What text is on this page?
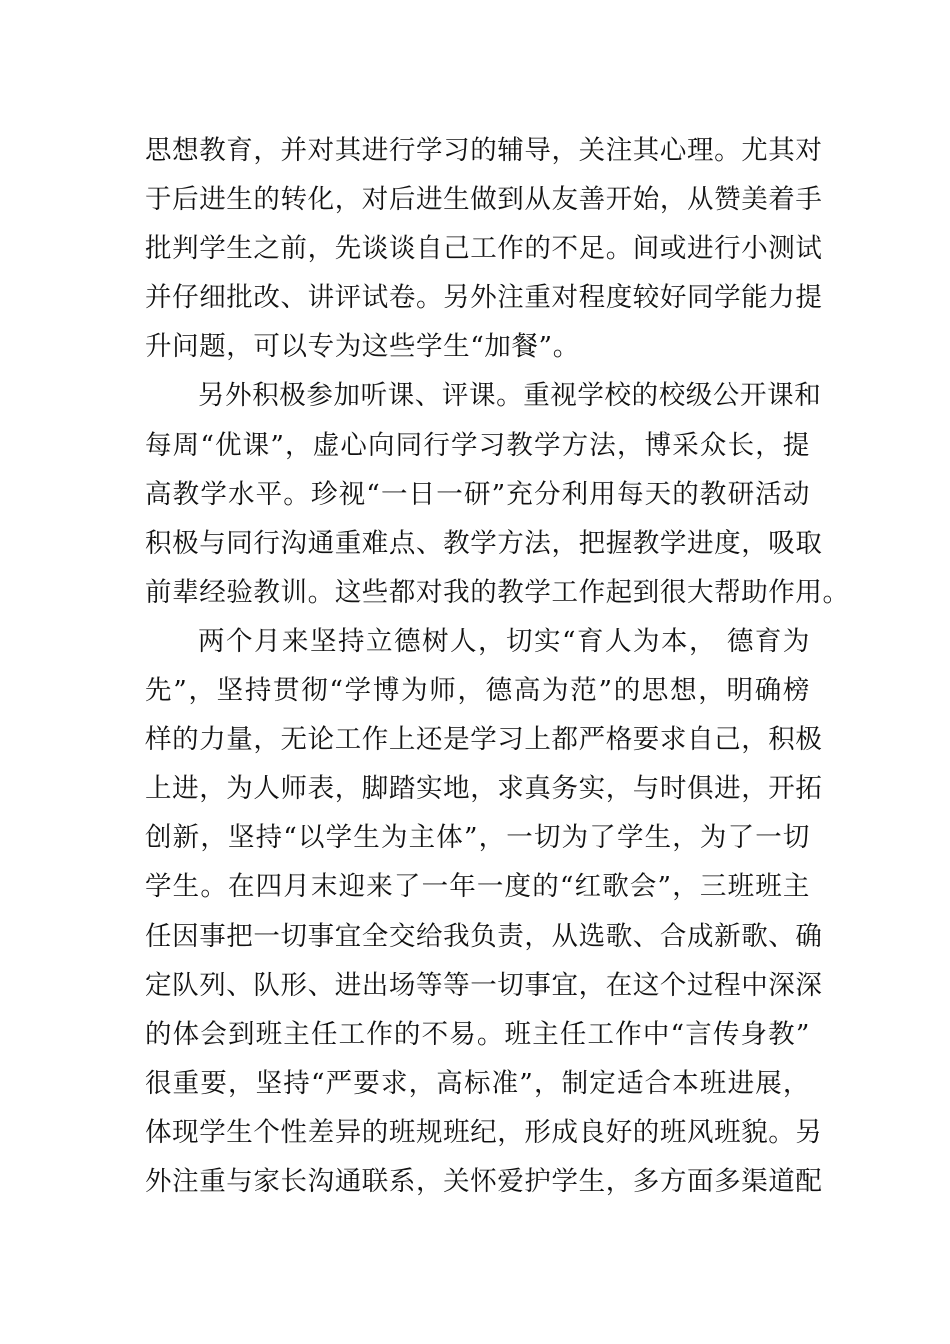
思想教育，并对其进行学习的辅导，关注其心理。尤其对
于后进生的转化，对后进生做到从友善开始，从赞美着手
批判学生之前，先谈谈自己工作的不足。间或进行小测试
并仔细批改、讲评试卷。另外注重对程度较好同学能力提
升问题，可以专为这些学生“加餐”。
另外积极参加听课、评课。重视学校的校级公开课和
每周“优课”，虚心向同行学习教学方法，博采众长，提
高教学水平。珍视“一日一研”充分利用每天的教研活动
积极与同行沟通重难点、教学方法，把握教学进度，吸取
前辈经验教训。这些都对我的教学工作起到很大帮助作用。
两个月来坚持立德树人，切实“育人为本， 德育为
先”，坚持贯彻“学博为师，德高为范”的思想，明确榜
样的力量，无论工作上还是学习上都严格要求自己，积极
上进，为人师表，脚踏实地，求真务实，与时俱进，开拓
创新，坚持“以学生为主体”，一切为了学生，为了一切
学生。在四月末迎来了一年一度的“红歌会”，三班班主
任因事把一切事宜全交给我负责，从选歌、合成新歌、确
定队列、队形、进出场等等一切事宜，在这个过程中深深
的体会到班主任工作的不易。班主任工作中“言传身教”
很重要，坚持“严要求，高标准”，制定适合本班进展，
体现学生个性差异的班规班纪，形成良好的班风班貌。另
外注重与家长沟通联系，关怀爱护学生，多方面多渠道配
